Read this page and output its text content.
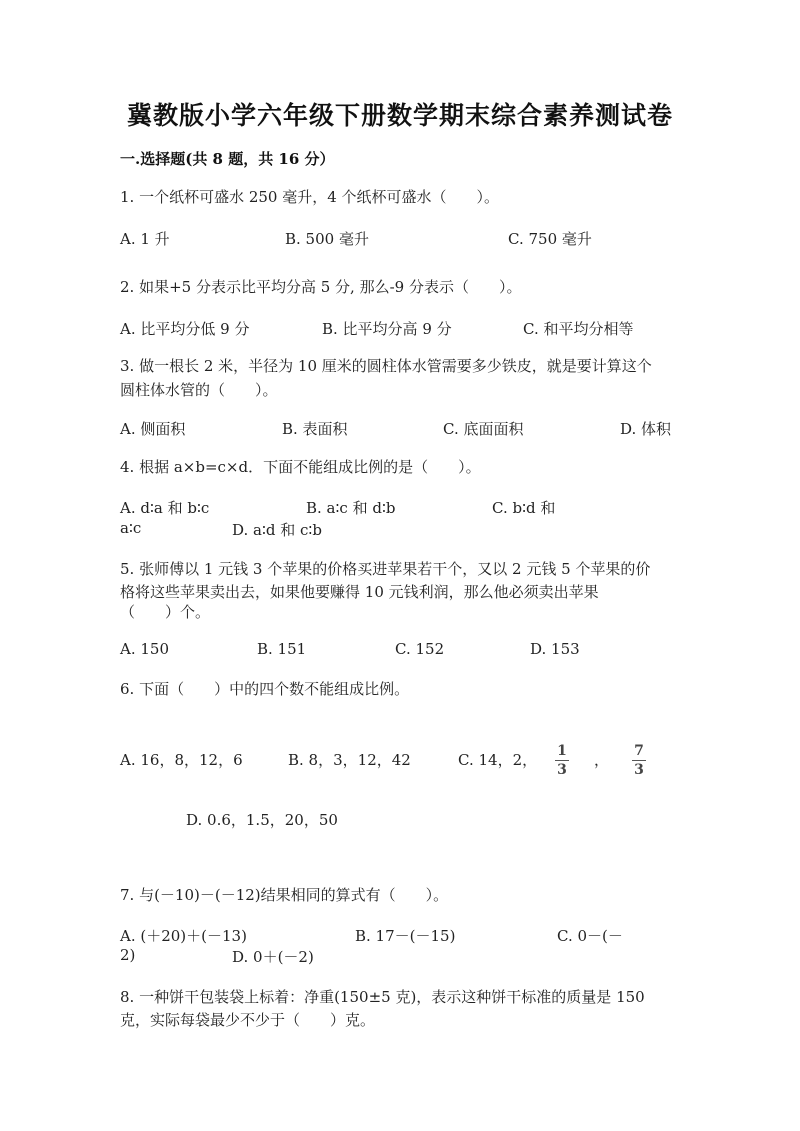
冀教版小学六年级下册数学期末综合素养测试卷
一.选择题(共 8 题，共 16 分）
1. 一个纸杯可盛水 250 毫升，4 个纸杯可盛水（　　）。
A. 1 升	B. 500 毫升	C. 750 毫升
2. 如果+5 分表示比平均分高 5 分, 那么-9 分表示（　　）。
A. 比平均分低 9 分	B. 比平均分高 9 分	C. 和平均分相等
3. 做一根长 2 米，半径为 10 厘米的圆柱体水管需要多少铁皮，就是要计算这个
圆柱体水管的（　　）。
A. 侧面积	B. 表面积	C. 底面面积	D. 体积
4. 根据 a×b=c×d．下面不能组成比例的是（　　）。
A. d∶a 和 b∶c	B. a∶c 和 d∶b	C. b∶d 和
a∶c	D. a∶d 和 c∶b
5. 张师傅以 1 元钱 3 个苹果的价格买进苹果若干个，又以 2 元钱 5 个苹果的价
格将这些苹果卖出去，如果他要赚得 10 元钱利润，那么他必须卖出苹果
（　　）个。
A. 150	B. 151	C. 152	D. 153
6. 下面（　　）中的四个数不能组成比例。
A. 16，8，12，6	B. 8，3，12，42	C. 14，2， 1
3
， 7
3
D. 0.6，1.5，20，50
7. 与(－10)－(－12)结果相同的算式有（　　）。
A. (＋20)＋(－13)	B. 17－(－15)	C. 0－(－
2)	D. 0＋(－2)
8. 一种饼干包装袋上标着：净重(150±5 克)，表示这种饼干标准的质量是 150
克，实际每袋最少不少于（　　）克。
